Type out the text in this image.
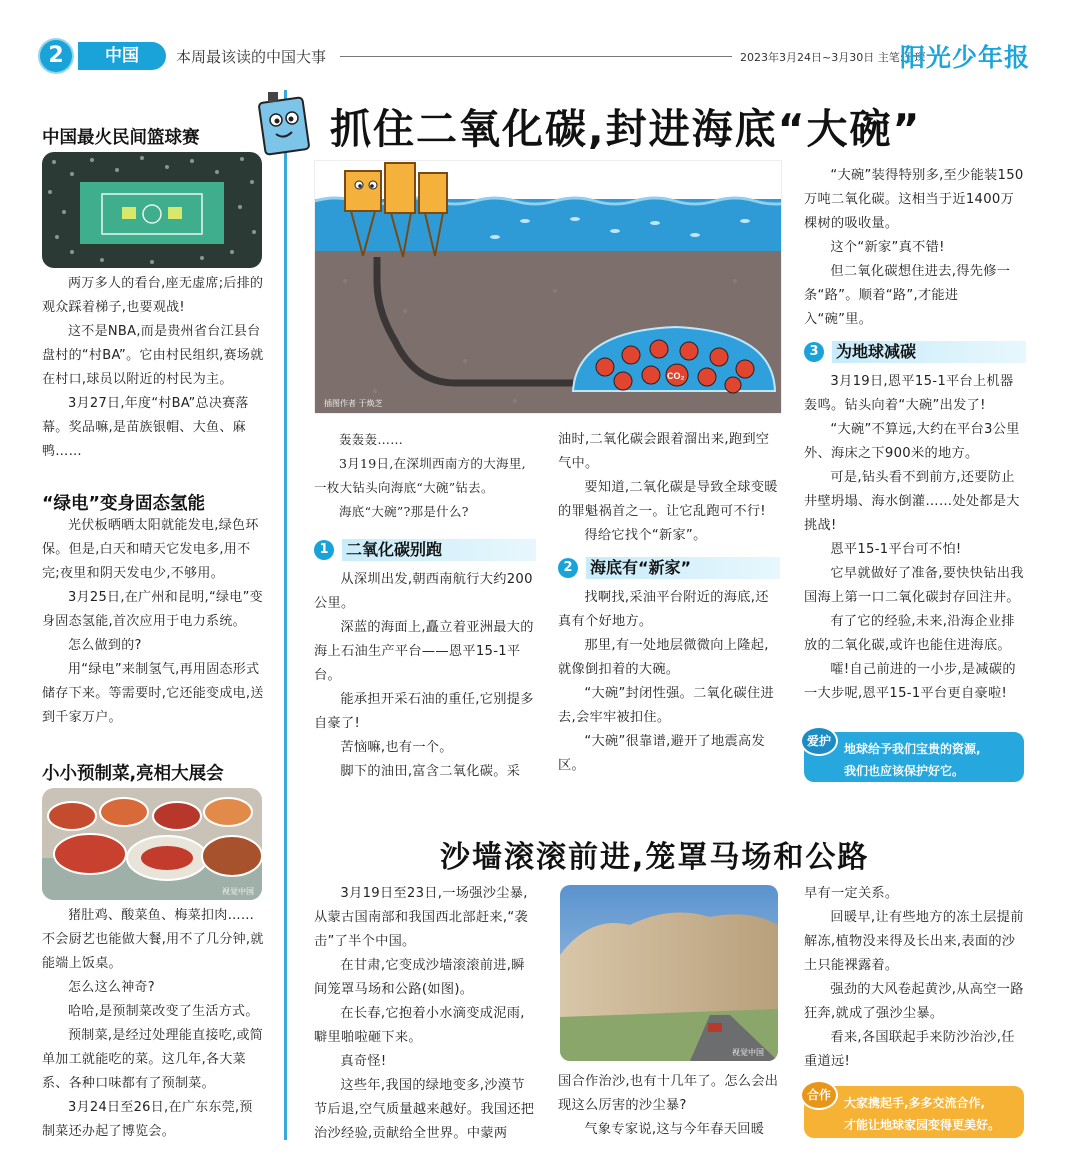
2	中国	本周最该读的中国大事	2023年3月24日~3月30日 主笔:王琛
阳光少年报
中国最火民间篮球赛

两万多人的看台,座无虚席;后排的观众踩着梯子,也要观战!

这不是NBA,而是贵州省台江县台盘村的“村BA”。它由村民组织,赛场就在村口,球员以附近的村民为主。

3月27日,年度“村BA”总决赛落幕。奖品嘛,是苗族银帽、大鱼、麻鸭……

“绿电”变身固态氢能

光伏板晒晒太阳就能发电,绿色环保。但是,白天和晴天它发电多,用不完;夜里和阴天发电少,不够用。

3月25日,在广州和昆明,“绿电”变身固态氢能,首次应用于电力系统。

怎么做到的?

用“绿电”来制氢气,再用固态形式储存下来。等需要时,它还能变成电,送到千家万户。

小小预制菜,亮相大展会
视觉中国

猪肚鸡、酸菜鱼、梅菜扣肉……不会厨艺也能做大餐,用不了几分钟,就能端上饭桌。

怎么这么神奇?

哈哈,是预制菜改变了生活方式。

预制菜,是经过处理能直接吃,或简单加工就能吃的菜。这几年,各大菜系、各种口味都有了预制菜。

3月24日至26日,在广东东莞,预制菜还办起了博览会。

抓住二氧化碳,封进海底“大碗”
CO₂
插图作者 于焕芝

轰轰轰……

3月19日,在深圳西南方的大海里,一枚大钻头向海底“大碗”钻去。

海底“大碗”?那是什么?

1	二氧化碳别跑

从深圳出发,朝西南航行大约200公里。

深蓝的海面上,矗立着亚洲最大的海上石油生产平台——恩平15-1平台。

能承担开采石油的重任,它别提多自豪了!

苦恼嘛,也有一个。

脚下的油田,富含二氧化碳。采

油时,二氧化碳会跟着溜出来,跑到空气中。

要知道,二氧化碳是导致全球变暖的罪魁祸首之一。让它乱跑可不行!

得给它找个“新家”。

2	海底有“新家”

找啊找,采油平台附近的海底,还真有个好地方。

那里,有一处地层微微向上隆起,就像倒扣着的大碗。

“大碗”封闭性强。二氧化碳住进去,会牢牢被扣住。

“大碗”很靠谱,避开了地震高发区。

“大碗”装得特别多,至少能装150万吨二氧化碳。这相当于近1400万棵树的吸收量。

这个“新家”真不错!

但二氧化碳想住进去,得先修一条“路”。顺着“路”,才能进入“碗”里。

3	为地球减碳

3月19日,恩平15-1平台上机器轰鸣。钻头向着“大碗”出发了!

“大碗”不算远,大约在平台3公里外、海床之下900米的地方。

可是,钻头看不到前方,还要防止井壁坍塌、海水倒灌……处处都是大挑战!

恩平15-1平台可不怕!

它早就做好了准备,要快快钻出我国海上第一口二氧化碳封存回注井。

有了它的经验,未来,沿海企业排放的二氧化碳,或许也能住进海底。

嚯!自己前进的一小步,是减碳的一大步呢,恩平15-1平台更自豪啦!

爱护
地球给予我们宝贵的资源,
我们也应该保护好它。
沙墙滚滚前进,笼罩马场和公路

3月19日至23日,一场强沙尘暴,从蒙古国南部和我国西北部赶来,“袭击”了半个中国。

在甘肃,它变成沙墙滚滚前进,瞬间笼罩马场和公路(如图)。

在长春,它抱着小水滴变成泥雨,噼里啪啦砸下来。

真奇怪!

这些年,我国的绿地变多,沙漠节节后退,空气质量越来越好。我国还把治沙经验,贡献给全世界。中蒙两

视觉中国

国合作治沙,也有十几年了。怎么会出现这么厉害的沙尘暴?

气象专家说,这与今年春天回暖

早有一定关系。

回暖早,让有些地方的冻土层提前解冻,植物没来得及长出来,表面的沙土只能裸露着。

强劲的大风卷起黄沙,从高空一路狂奔,就成了强沙尘暴。

看来,各国联起手来防沙治沙,任重道远!

合作
大家携起手,多多交流合作,
才能让地球家园变得更美好。
